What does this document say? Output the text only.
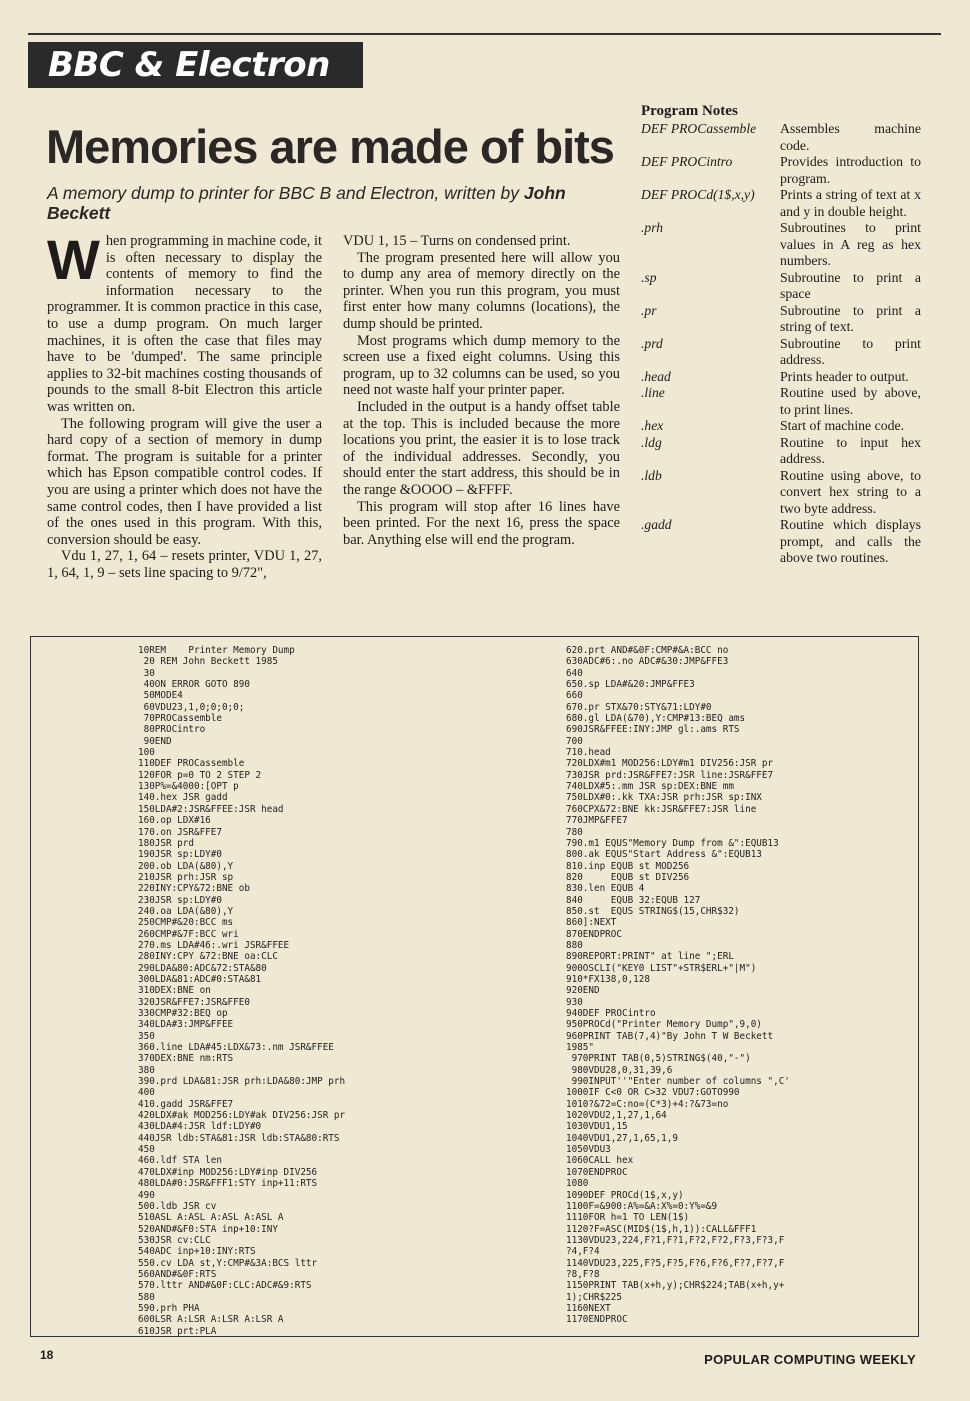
BBC & Electron
Memories are made of bits
A memory dump to printer for BBC B and Electron, written by John Beckett

When programming in machine code, it is often necessary to display the contents of memory to find the information necessary to the programmer. It is common practice in this case, to use a dump program. On much larger machines, it is often the case that files may have to be 'dumped'. The same principle applies to 32-bit machines costing thousands of pounds to the small 8-bit Electron this article was written on.

The following program will give the user a hard copy of a section of memory in dump format. The program is suitable for a printer which has Epson compatible control codes. If you are using a printer which does not have the same control codes, then I have provided a list of the ones used in this program. With this, conversion should be easy.

Vdu 1, 27, 1, 64 – resets printer, VDU 1, 27, 1, 64, 1, 9 – sets line spacing to 9/72",

VDU 1, 15 – Turns on condensed print.

The program presented here will allow you to dump any area of memory directly on the printer. When you run this program, you must first enter how many columns (locations), the dump should be printed.

Most programs which dump memory to the screen use a fixed eight columns. Using this program, up to 32 columns can be used, so you need not waste half your printer paper.

Included in the output is a handy offset table at the top. This is included because the more locations you print, the easier it is to lose track of the individual addresses. Secondly, you should enter the start address, this should be in the range &OOOO – &FFFF.

This program will stop after 16 lines have been printed. For the next 16, press the space bar. Anything else will end the program.

Program Notes
DEF PROCassemble	Assembles machine code.
DEF PROCintro	Provides introduction to program.
DEF PROCd(1$,x,y)	Prints a string of text at x and y in double height.
.prh	Subroutines to print values in A reg as hex numbers.
.sp	Subroutine to print a space
.pr	Subroutine to print a string of text.
.prd	Subroutine to print address.
.head	Prints header to output.
.line	Routine used by above, to print lines.
.hex	Start of machine code.
.ldg	Routine to input hex address.
.ldb	Routine using above, to convert hex string to a two byte address.
.gadd	Routine which displays prompt, and calls the above two routines.
10REM    Printer Memory Dump
20 REM John Beckett 1985
30
40ON ERROR GOTO 890
50MODE4
60VDU23,1,0;0;0;0;
70PROCassemble
80PROCintro
90END
100
110DEF PROCassemble
120FOR p=0 TO 2 STEP 2
130P%=&4000:[OPT p
140.hex JSR gadd
150LDA#2:JSR&FFEE:JSR head
160.op LDX#16
170.on JSR&FFE7
180JSR prd
190JSR sp:LDY#0
200.ob LDA(&80),Y
210JSR prh:JSR sp
220INY:CPY&72:BNE ob
230JSR sp:LDY#0
240.oa LDA(&80),Y
250CMP#&20:BCC ms
260CMP#&7F:BCC wri
270.ms LDA#46:.wri JSR&FFEE
280INY:CPY &72:BNE oa:CLC
290LDA&80:ADC&72:STA&80
300LDA&81:ADC#0:STA&81
310DEX:BNE on
320JSR&FFE7:JSR&FFE0
330CMP#32:BEQ op
340LDA#3:JMP&FFEE
350
360.line LDA#45:LDX&73:.nm JSR&FFEE
370DEX:BNE nm:RTS
380
390.prd LDA&81:JSR prh:LDA&80:JMP prh
400
410.gadd JSR&FFE7
420LDX#ak MOD256:LDY#ak DIV256:JSR pr
430LDA#4:JSR ldf:LDY#0
440JSR ldb:STA&81:JSR ldb:STA&80:RTS
450
460.ldf STA len
470LDX#inp MOD256:LDY#inp DIV256
480LDA#0:JSR&FFF1:STY inp+11:RTS
490
500.ldb JSR cv
510ASL A:ASL A:ASL A:ASL A
520AND#&F0:STA inp+10:INY
530JSR cv:CLC
540ADC inp+10:INY:RTS
550.cv LDA st,Y:CMP#&3A:BCS lttr
560AND#&0F:RTS
570.lttr AND#&0F:CLC:ADC#&9:RTS
580
590.prh PHA
600LSR A:LSR A:LSR A:LSR A
610JSR prt:PLA
620.prt AND#&0F:CMP#&A:BCC no
630ADC#6:.no ADC#&30:JMP&FFE3
640
650.sp LDA#&20:JMP&FFE3
660
670.pr STX&70:STY&71:LDY#0
680.gl LDA(&70),Y:CMP#13:BEQ ams
690JSR&FFEE:INY:JMP gl:.ams RTS
700
710.head
720LDX#m1 MOD256:LDY#m1 DIV256:JSR pr
730JSR prd:JSR&FFE7:JSR line:JSR&FFE7
740LDX#5:.mm JSR sp:DEX:BNE mm
750LDX#0:.kk TXA:JSR prh:JSR sp:INX
760CPX&72:BNE kk:JSR&FFE7:JSR line
770JMP&FFE7
780
790.m1 EQUS"Memory Dump from &":EQUB13
800.ak EQUS"Start Address &":EQUB13
810.inp EQUB st MOD256
820     EQUB st DIV256
830.len EQUB 4
840     EQUB 32:EQUB 127
850.st  EQUS STRING$(15,CHR$32)
860]:NEXT
870ENDPROC
880
890REPORT:PRINT" at line ";ERL
900OSCLI("KEY0 LIST"+STR$ERL+"|M")
910*FX138,0,128
920END
930
940DEF PROCintro
950PROCd("Printer Memory Dump",9,0)
960PRINT TAB(7,4)"By John T W Beckett
1985"
970PRINT TAB(0,5)STRING$(40,"-")
980VDU28,0,31,39,6
990INPUT''"Enter number of columns ",C'
1000IF C<0 OR C>32 VDU7:GOTO990
1010?&72=C:no=(C*3)+4:?&73=no
1020VDU2,1,27,1,64
1030VDU1,15
1040VDU1,27,1,65,1,9
1050VDU3
1060CALL hex
1070ENDPROC
1080
1090DEF PROCd(1$,x,y)
1100F=&900:A%=&A:X%=0:Y%=&9
1110FOR h=1 TO LEN(1$)
1120?F=ASC(MID$(1$,h,1)):CALL&FFF1
1130VDU23,224,F?1,F?1,F?2,F?2,F?3,F?3,F
?4,F?4
1140VDU23,225,F?5,F?5,F?6,F?6,F?7,F?7,F
?8,F?8
1150PRINT TAB(x+h,y);CHR$224;TAB(x+h,y+
1);CHR$225
1160NEXT
1170ENDPROC
18	POPULAR COMPUTING WEEKLY
